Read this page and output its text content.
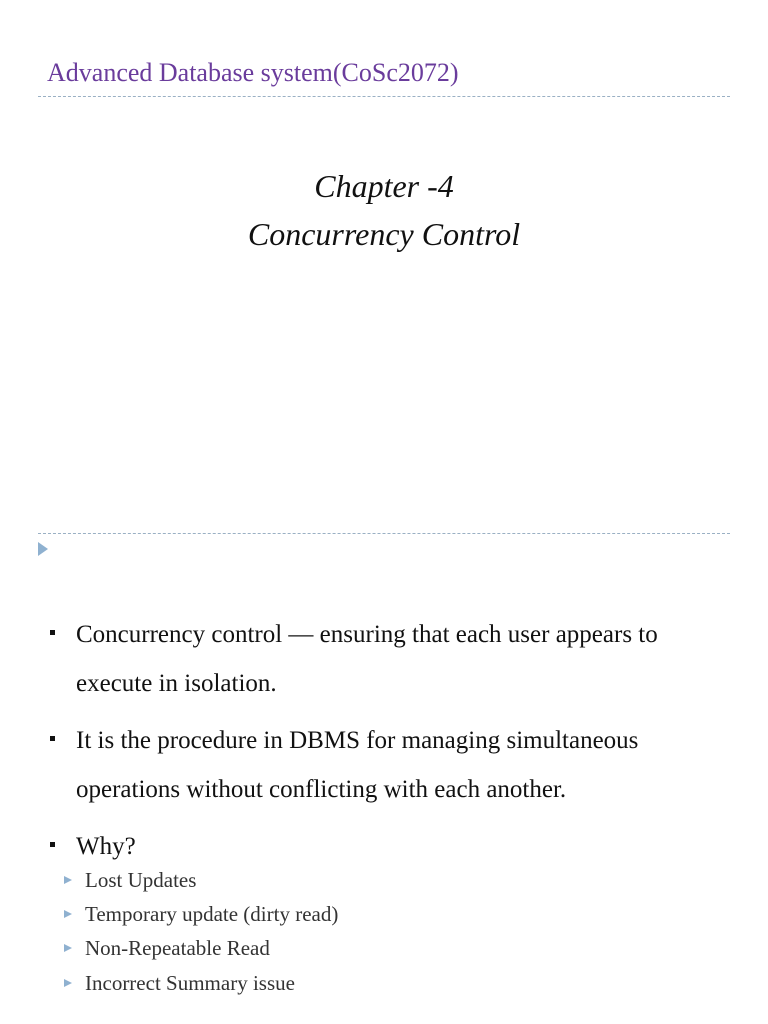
Advanced Database system(CoSc2072)
Chapter -4
Concurrency Control
Concurrency control — ensuring that each user appears to execute in isolation.
It is the procedure in DBMS for managing simultaneous operations without conflicting with each another.
Why?
Lost Updates
Temporary update (dirty read)
Non-Repeatable Read
Incorrect Summary issue
